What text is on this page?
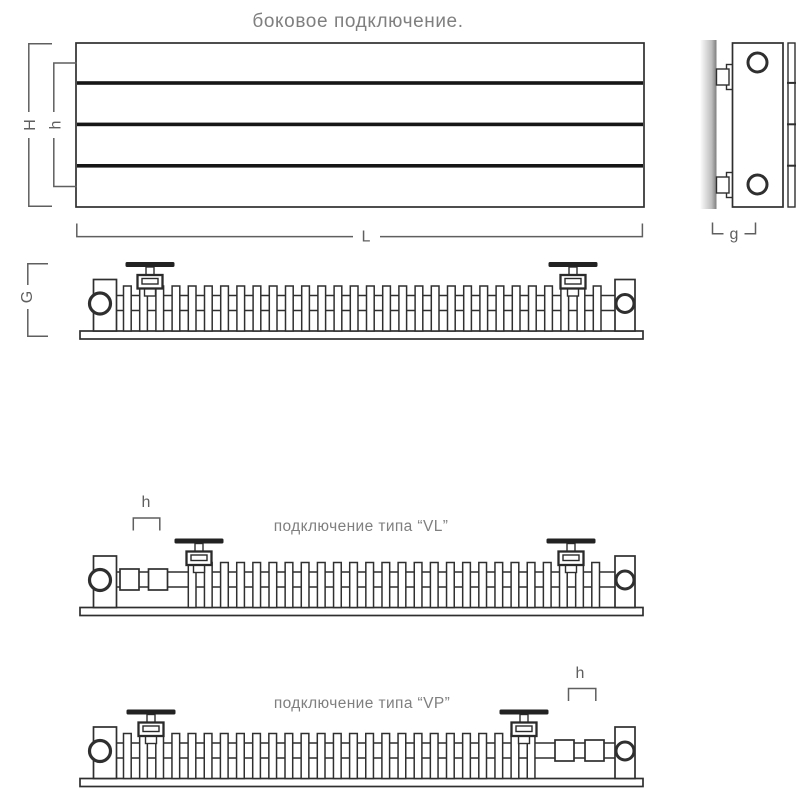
боковое подключение.
H h
L	g
G
h
подключение типа “VL”
h
подключение типа “VP”
